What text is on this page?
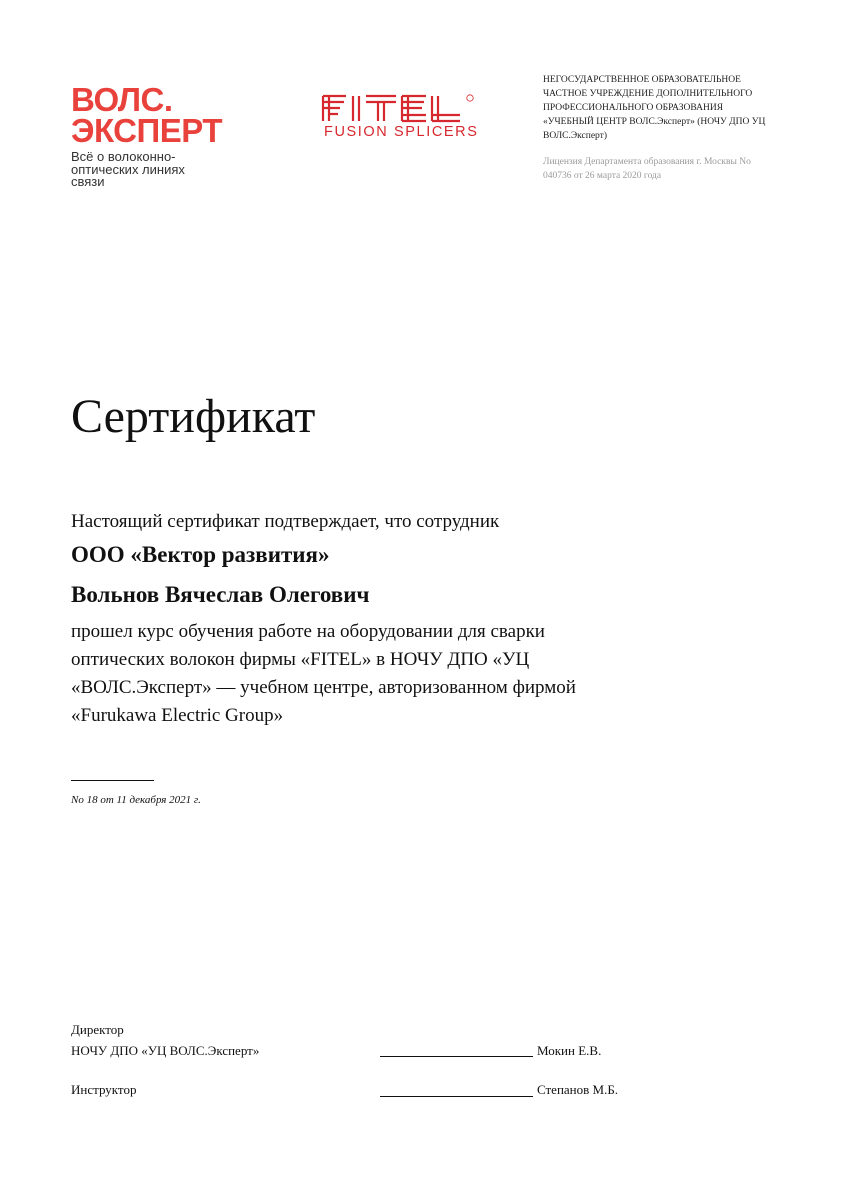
ВОЛС.
ЭКСПЕРТ
Всё о волоконно-оптических линиях связи
FUSION SPLICERS
НЕГОСУДАРСТВЕННОЕ ОБРАЗОВАТЕЛЬНОЕ
ЧАСТНОЕ УЧРЕЖДЕНИЕ ДОПОЛНИТЕЛЬНОГО
ПРОФЕССИОНАЛЬНОГО ОБРАЗОВАНИЯ
«УЧЕБНЫЙ ЦЕНТР ВОЛС.Эксперт» (НОЧУ ДПО УЦ
ВОЛС.Эксперт)
Лицензия Департамента образования г. Москвы No
040736 от 26 марта 2020 года
Сертификат
Настоящий сертификат подтверждает, что сотрудник
ООО «Вектор развития»
Вольнов Вячеслав Олегович
прошел курс обучения работе на оборудовании для сварки
оптических волокон фирмы «FITEL» в НОЧУ ДПО «УЦ
«ВОЛС.Эксперт» — учебном центре, авторизованном фирмой
«Furukawa Electric Group»
No 18 от 11 декабря 2021 г.
Директор
НОЧУ ДПО «УЦ ВОЛС.Эксперт»	Мокин Е.В.
Инструктор	Степанов М.Б.
